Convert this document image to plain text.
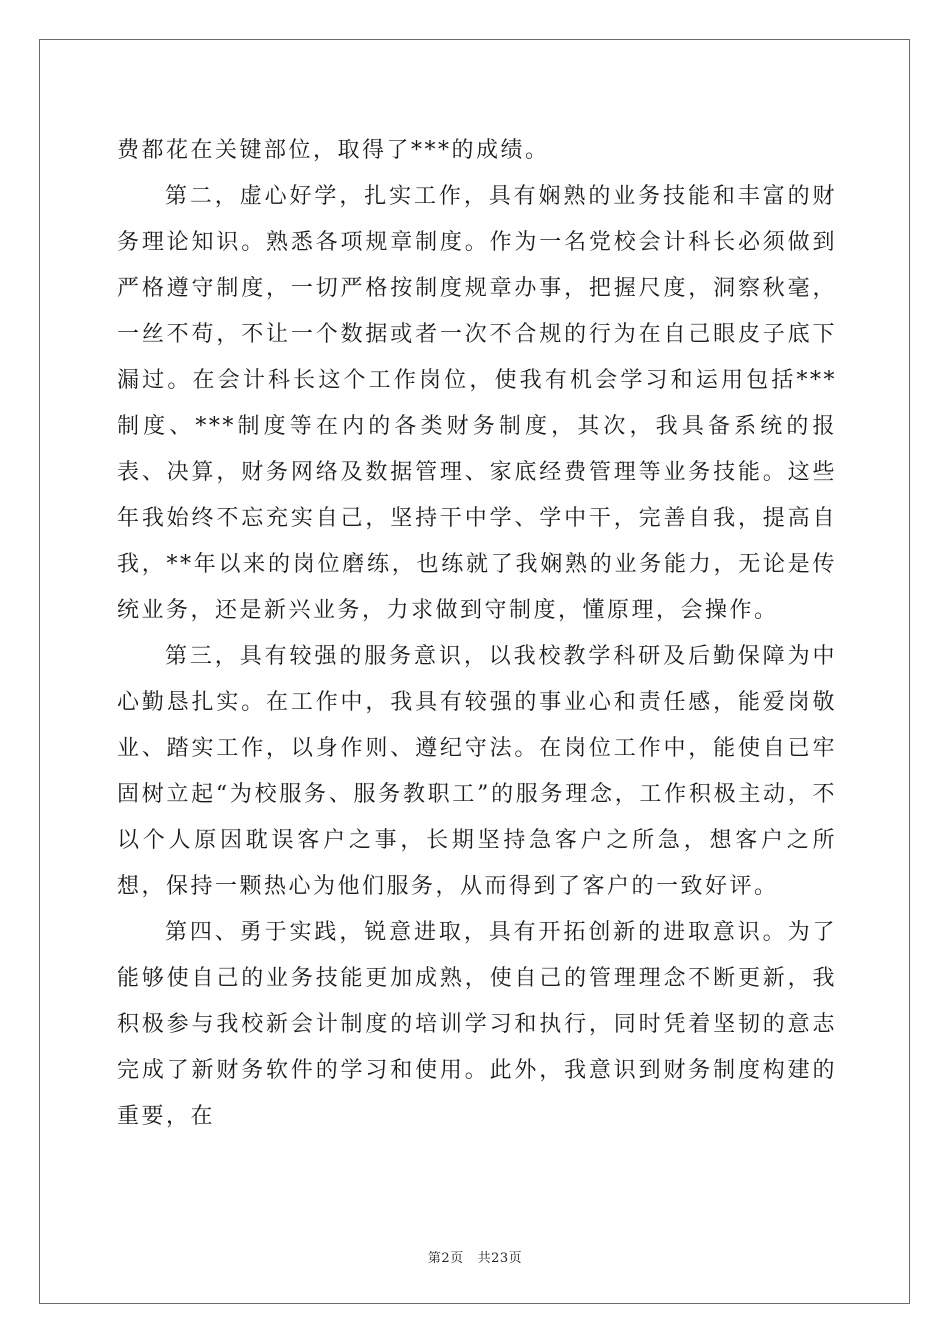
费都花在关键部位，取得了***的成绩。

第二，虚心好学，扎实工作，具有娴熟的业务技能和丰富的财务理论知识。熟悉各项规章制度。作为一名党校会计科长必须做到严格遵守制度，一切严格按制度规章办事，把握尺度，洞察秋毫，一丝不苟，不让一个数据或者一次不合规的行为在自己眼皮子底下漏过。在会计科长这个工作岗位，使我有机会学习和运用包括***制度、***制度等在内的各类财务制度，其次，我具备系统的报表、决算，财务网络及数据管理、家底经费管理等业务技能。这些年我始终不忘充实自己，坚持干中学、学中干，完善自我，提高自我，**年以来的岗位磨练，也练就了我娴熟的业务能力，无论是传统业务，还是新兴业务，力求做到守制度，懂原理，会操作。

第三，具有较强的服务意识，以我校教学科研及后勤保障为中心勤恳扎实。在工作中，我具有较强的事业心和责任感，能爱岗敬业、踏实工作，以身作则、遵纪守法。在岗位工作中，能使自已牢固树立起“为校服务、服务教职工”的服务理念，工作积极主动，不以个人原因耽误客户之事，长期坚持急客户之所急，想客户之所想，保持一颗热心为他们服务，从而得到了客户的一致好评。

第四、勇于实践，锐意进取，具有开拓创新的进取意识。为了能够使自己的业务技能更加成熟，使自己的管理理念不断更新，我积极参与我校新会计制度的培训学习和执行，同时凭着坚韧的意志完成了新财务软件的学习和使用。此外，我意识到财务制度构建的重要，在

第2页 共23页
